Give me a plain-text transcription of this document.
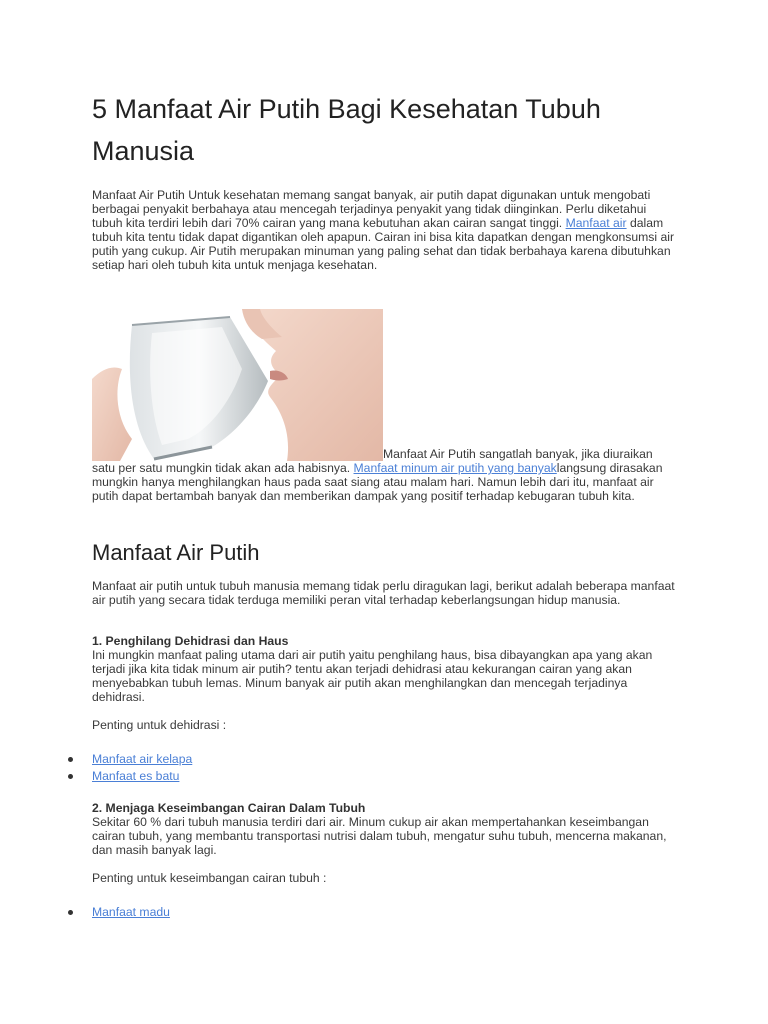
5 Manfaat Air Putih Bagi Kesehatan Tubuh Manusia

Manfaat Air Putih Untuk kesehatan memang sangat banyak, air putih dapat digunakan untuk mengobati berbagai penyakit berbahaya atau mencegah terjadinya penyakit yang tidak diinginkan. Perlu diketahui tubuh kita terdiri lebih dari 70% cairan yang mana kebutuhan akan cairan sangat tinggi. Manfaat air dalam tubuh kita tentu tidak dapat digantikan oleh apapun. Cairan ini bisa kita dapatkan dengan mengkonsumsi air putih yang cukup. Air Putih merupakan minuman yang paling sehat dan tidak berbahaya karena dibutuhkan setiap hari oleh tubuh kita untuk menjaga kesehatan.

Manfaat Air Putih sangatlah banyak, jika diuraikan satu per satu mungkin tidak akan ada habisnya. Manfaat minum air putih yang banyaklangsung dirasakan mungkin hanya menghilangkan haus pada saat siang atau malam hari. Namun lebih dari itu, manfaat air putih dapat bertambah banyak dan memberikan dampak yang positif terhadap kebugaran tubuh kita.

Manfaat Air Putih

Manfaat air putih untuk tubuh manusia memang tidak perlu diragukan lagi, berikut adalah beberapa manfaat air putih yang secara tidak terduga memiliki peran vital terhadap keberlangsungan hidup manusia.

1. Penghilang Dehidrasi dan Haus
Ini mungkin manfaat paling utama dari air putih yaitu penghilang haus, bisa dibayangkan apa yang akan terjadi jika kita tidak minum air putih? tentu akan terjadi dehidrasi atau kekurangan cairan yang akan menyebabkan tubuh lemas. Minum banyak air putih akan menghilangkan dan mencegah terjadinya dehidrasi.

Penting untuk dehidrasi :

Manfaat air kelapa
Manfaat es batu

2. Menjaga Keseimbangan Cairan Dalam Tubuh
Sekitar 60 % dari tubuh manusia terdiri dari air. Minum cukup air akan mempertahankan keseimbangan cairan tubuh, yang membantu transportasi nutrisi dalam tubuh, mengatur suhu tubuh, mencerna makanan, dan masih banyak lagi.

Penting untuk keseimbangan cairan tubuh :

Manfaat madu
